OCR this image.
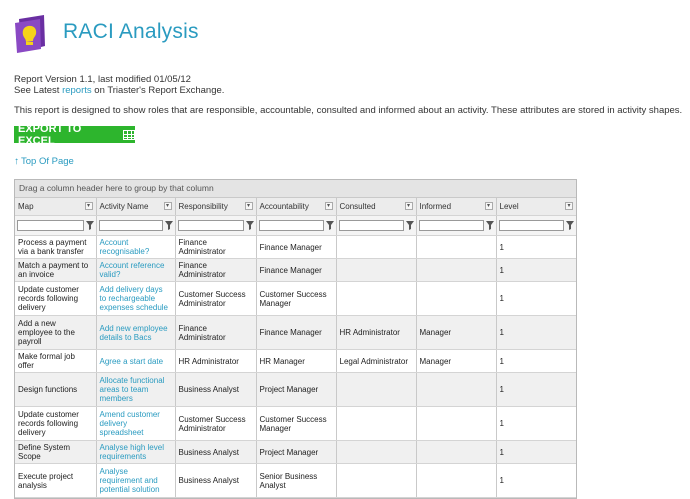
RACI Analysis
Report Version 1.1, last modified 01/05/12
See Latest reports on Triaster's Report Exchange.
This report is designed to show roles that are responsible, accountable, consulted and informed about an activity. These attributes are stored in activity shapes.
EXPORT TO EXCEL
↑ Top Of Page
Drag a column header here to group by that column
Map ▾	Activity Name ▾	Responsibility ▾	Accountability ▾	Consulted ▾	Informed ▾	Level ▾

Process a payment via a bank transfer	Account recognisable?	Finance Administrator	Finance Manager			1
Match a payment to an invoice	Account reference valid?	Finance Administrator	Finance Manager			1
Update customer records following delivery	Add delivery days to rechargeable expenses schedule	Customer Success Administrator	Customer Success Manager			1
Add a new employee to the payroll	Add new employee details to Bacs	Finance Administrator	Finance Manager	HR Administrator	Manager	1
Make formal job offer	Agree a start date	HR Administrator	HR Manager	Legal Administrator	Manager	1
Design functions	Allocate functional areas to team members	Business Analyst	Project Manager			1
Update customer records following delivery	Amend customer delivery spreadsheet	Customer Success Administrator	Customer Success Manager			1
Define System Scope	Analyse high level requirements	Business Analyst	Project Manager			1
Execute project analysis	Analyse requirement and potential solution	Business Analyst	Senior Business Analyst			1
